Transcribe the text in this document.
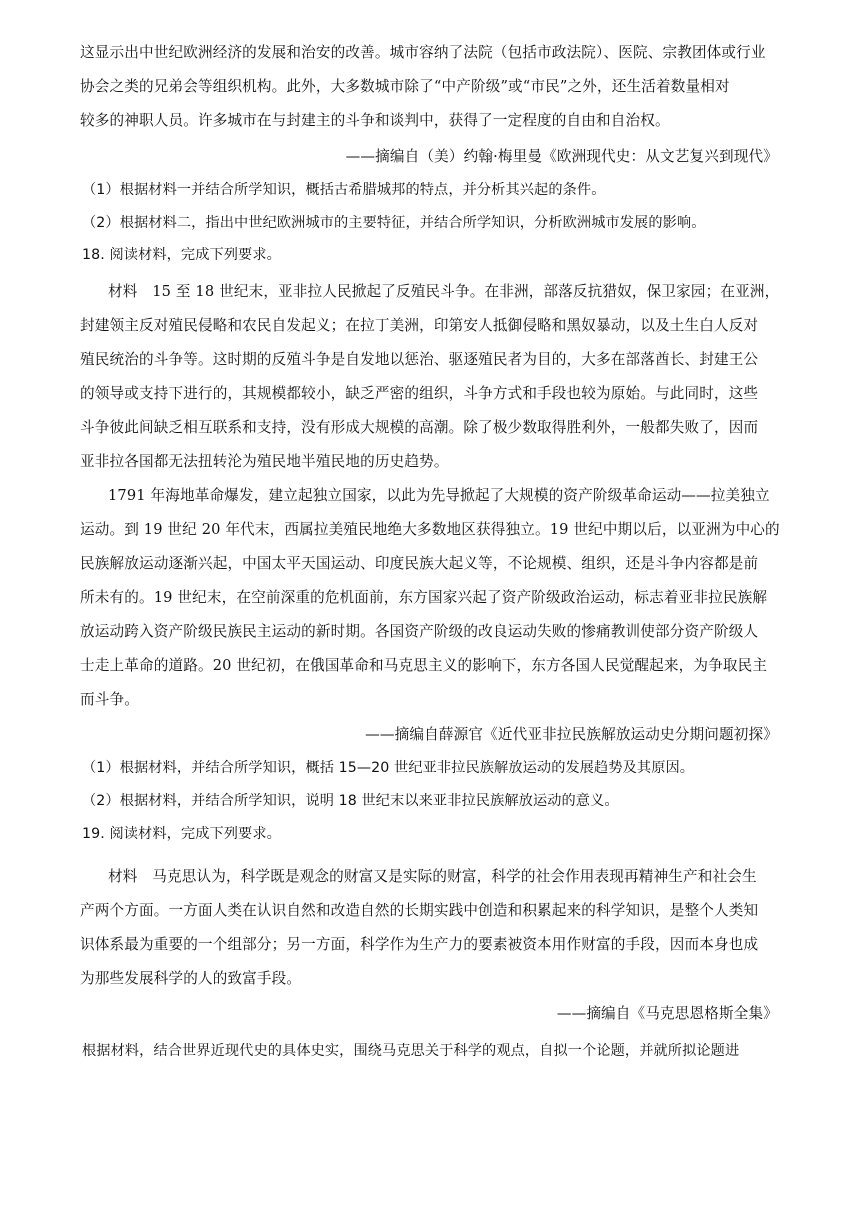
这显示出中世纪欧洲经济的发展和治安的改善。城市容纳了法院（包括市政法院）、医院、宗教团体或行业
协会之类的兄弟会等组织机构。此外，大多数城市除了“中产阶级”或“市民”之外，还生活着数量相对
较多的神职人员。许多城市在与封建主的斗争和谈判中，获得了一定程度的自由和自治权。
——摘编自（美）约翰·梅里曼《欧洲现代史：从文艺复兴到现代》
（1）根据材料一并结合所学知识，概括古希腊城邦的特点，并分析其兴起的条件。
（2）根据材料二，指出中世纪欧洲城市的主要特征，并结合所学知识，分析欧洲城市发展的影响。
18. 阅读材料，完成下列要求。
材料　15 至 18 世纪末，亚非拉人民掀起了反殖民斗争。在非洲，部落反抗猎奴，保卫家园；在亚洲，
封建领主反对殖民侵略和农民自发起义；在拉丁美洲，印第安人抵御侵略和黑奴暴动，以及土生白人反对
殖民统治的斗争等。这时期的反殖斗争是自发地以惩治、驱逐殖民者为目的，大多在部落酋长、封建王公
的领导或支持下进行的，其规模都较小，缺乏严密的组织，斗争方式和手段也较为原始。与此同时，这些
斗争彼此间缺乏相互联系和支持，没有形成大规模的高潮。除了极少数取得胜利外，一般都失败了，因而
亚非拉各国都无法扭转沦为殖民地半殖民地的历史趋势。
1791 年海地革命爆发，建立起独立国家，以此为先导掀起了大规模的资产阶级革命运动——拉美独立
运动。到 19 世纪 20 年代末，西属拉美殖民地绝大多数地区获得独立。19 世纪中期以后，以亚洲为中心的
民族解放运动逐渐兴起，中国太平天国运动、印度民族大起义等，不论规模、组织，还是斗争内容都是前
所未有的。19 世纪末，在空前深重的危机面前，东方国家兴起了资产阶级政治运动，标志着亚非拉民族解
放运动跨入资产阶级民族民主运动的新时期。各国资产阶级的改良运动失败的惨痛教训使部分资产阶级人
士走上革命的道路。20 世纪初，在俄国革命和马克思主义的影响下，东方各国人民觉醒起来，为争取民主
而斗争。
——摘编自薛源官《近代亚非拉民族解放运动史分期问题初探》
（1）根据材料，并结合所学知识，概括 15—20 世纪亚非拉民族解放运动的发展趋势及其原因。
（2）根据材料，并结合所学知识，说明 18 世纪末以来亚非拉民族解放运动的意义。
19. 阅读材料，完成下列要求。
材料　马克思认为，科学既是观念的财富又是实际的财富，科学的社会作用表现再精神生产和社会生
产两个方面。一方面人类在认识自然和改造自然的长期实践中创造和积累起来的科学知识，是整个人类知
识体系最为重要的一个组部分；另一方面，科学作为生产力的要素被资本用作财富的手段，因而本身也成
为那些发展科学的人的致富手段。
——摘编自《马克思恩格斯全集》
根据材料，结合世界近现代史的具体史实，围绕马克思关于科学的观点，自拟一个论题，并就所拟论题进
